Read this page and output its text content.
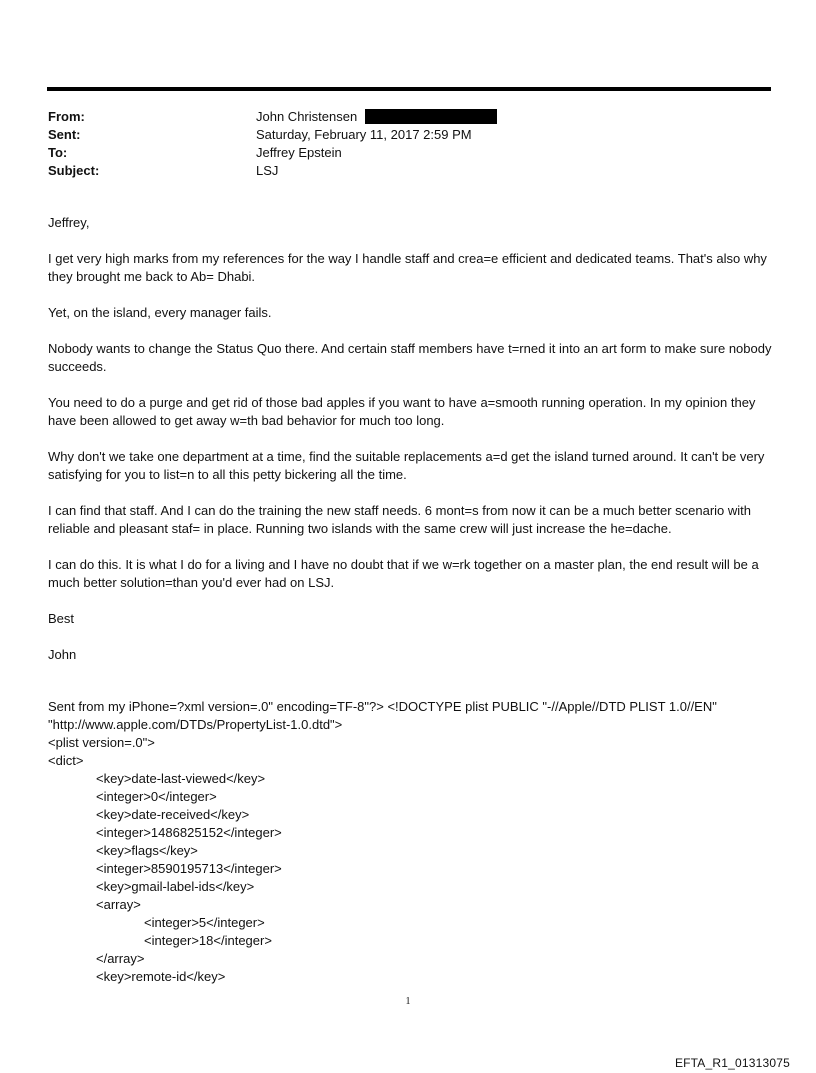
From:	John Christensen
Sent:	Saturday, February 11, 2017 2:59 PM
To:	Jeffrey Epstein
Subject:	LSJ

Jeffrey,

I get very high marks from my references for the way I handle staff and crea=e efficient and dedicated teams. That's also why they brought me back to Ab= Dhabi.

Yet, on the island, every manager fails.

Nobody wants to change the Status Quo there. And certain staff members have t=rned it into an art form to make sure nobody succeeds.

You need to do a purge and get rid of those bad apples if you want to have a=smooth running operation. In my opinion they have been allowed to get away w=th bad behavior for much too long.

Why don't we take one department at a time, find the suitable replacements a=d get the island turned around. It can't be very satisfying for you to list=n to all this petty bickering all the time.

I can find that staff. And I can do the training the new staff needs. 6 mont=s from now it can be a much better scenario with reliable and pleasant staf= in place. Running two islands with the same crew will just increase the he=dache.

I can do this. It is what I do for a living and I have no doubt that if we w=rk together on a master plan, the end result will be a much better solution=than you'd ever had on LSJ.

Best

John

Sent from my iPhone=?xml version=.0" encoding=TF-8"?> <!DOCTYPE plist PUBLIC "-//Apple//DTD PLIST 1.0//EN"
"http://www.apple.com/DTDs/PropertyList-1.0.dtd">
<plist version=.0">
<dict>
<key>date-last-viewed</key>
<integer>0</integer>
<key>date-received</key>
<integer>1486825152</integer>
<key>flags</key>
<integer>8590195713</integer>
<key>gmail-label-ids</key>
<array>
<integer>5</integer>
<integer>18</integer>
</array>
<key>remote-id</key>
1
EFTA_R1_01313075
